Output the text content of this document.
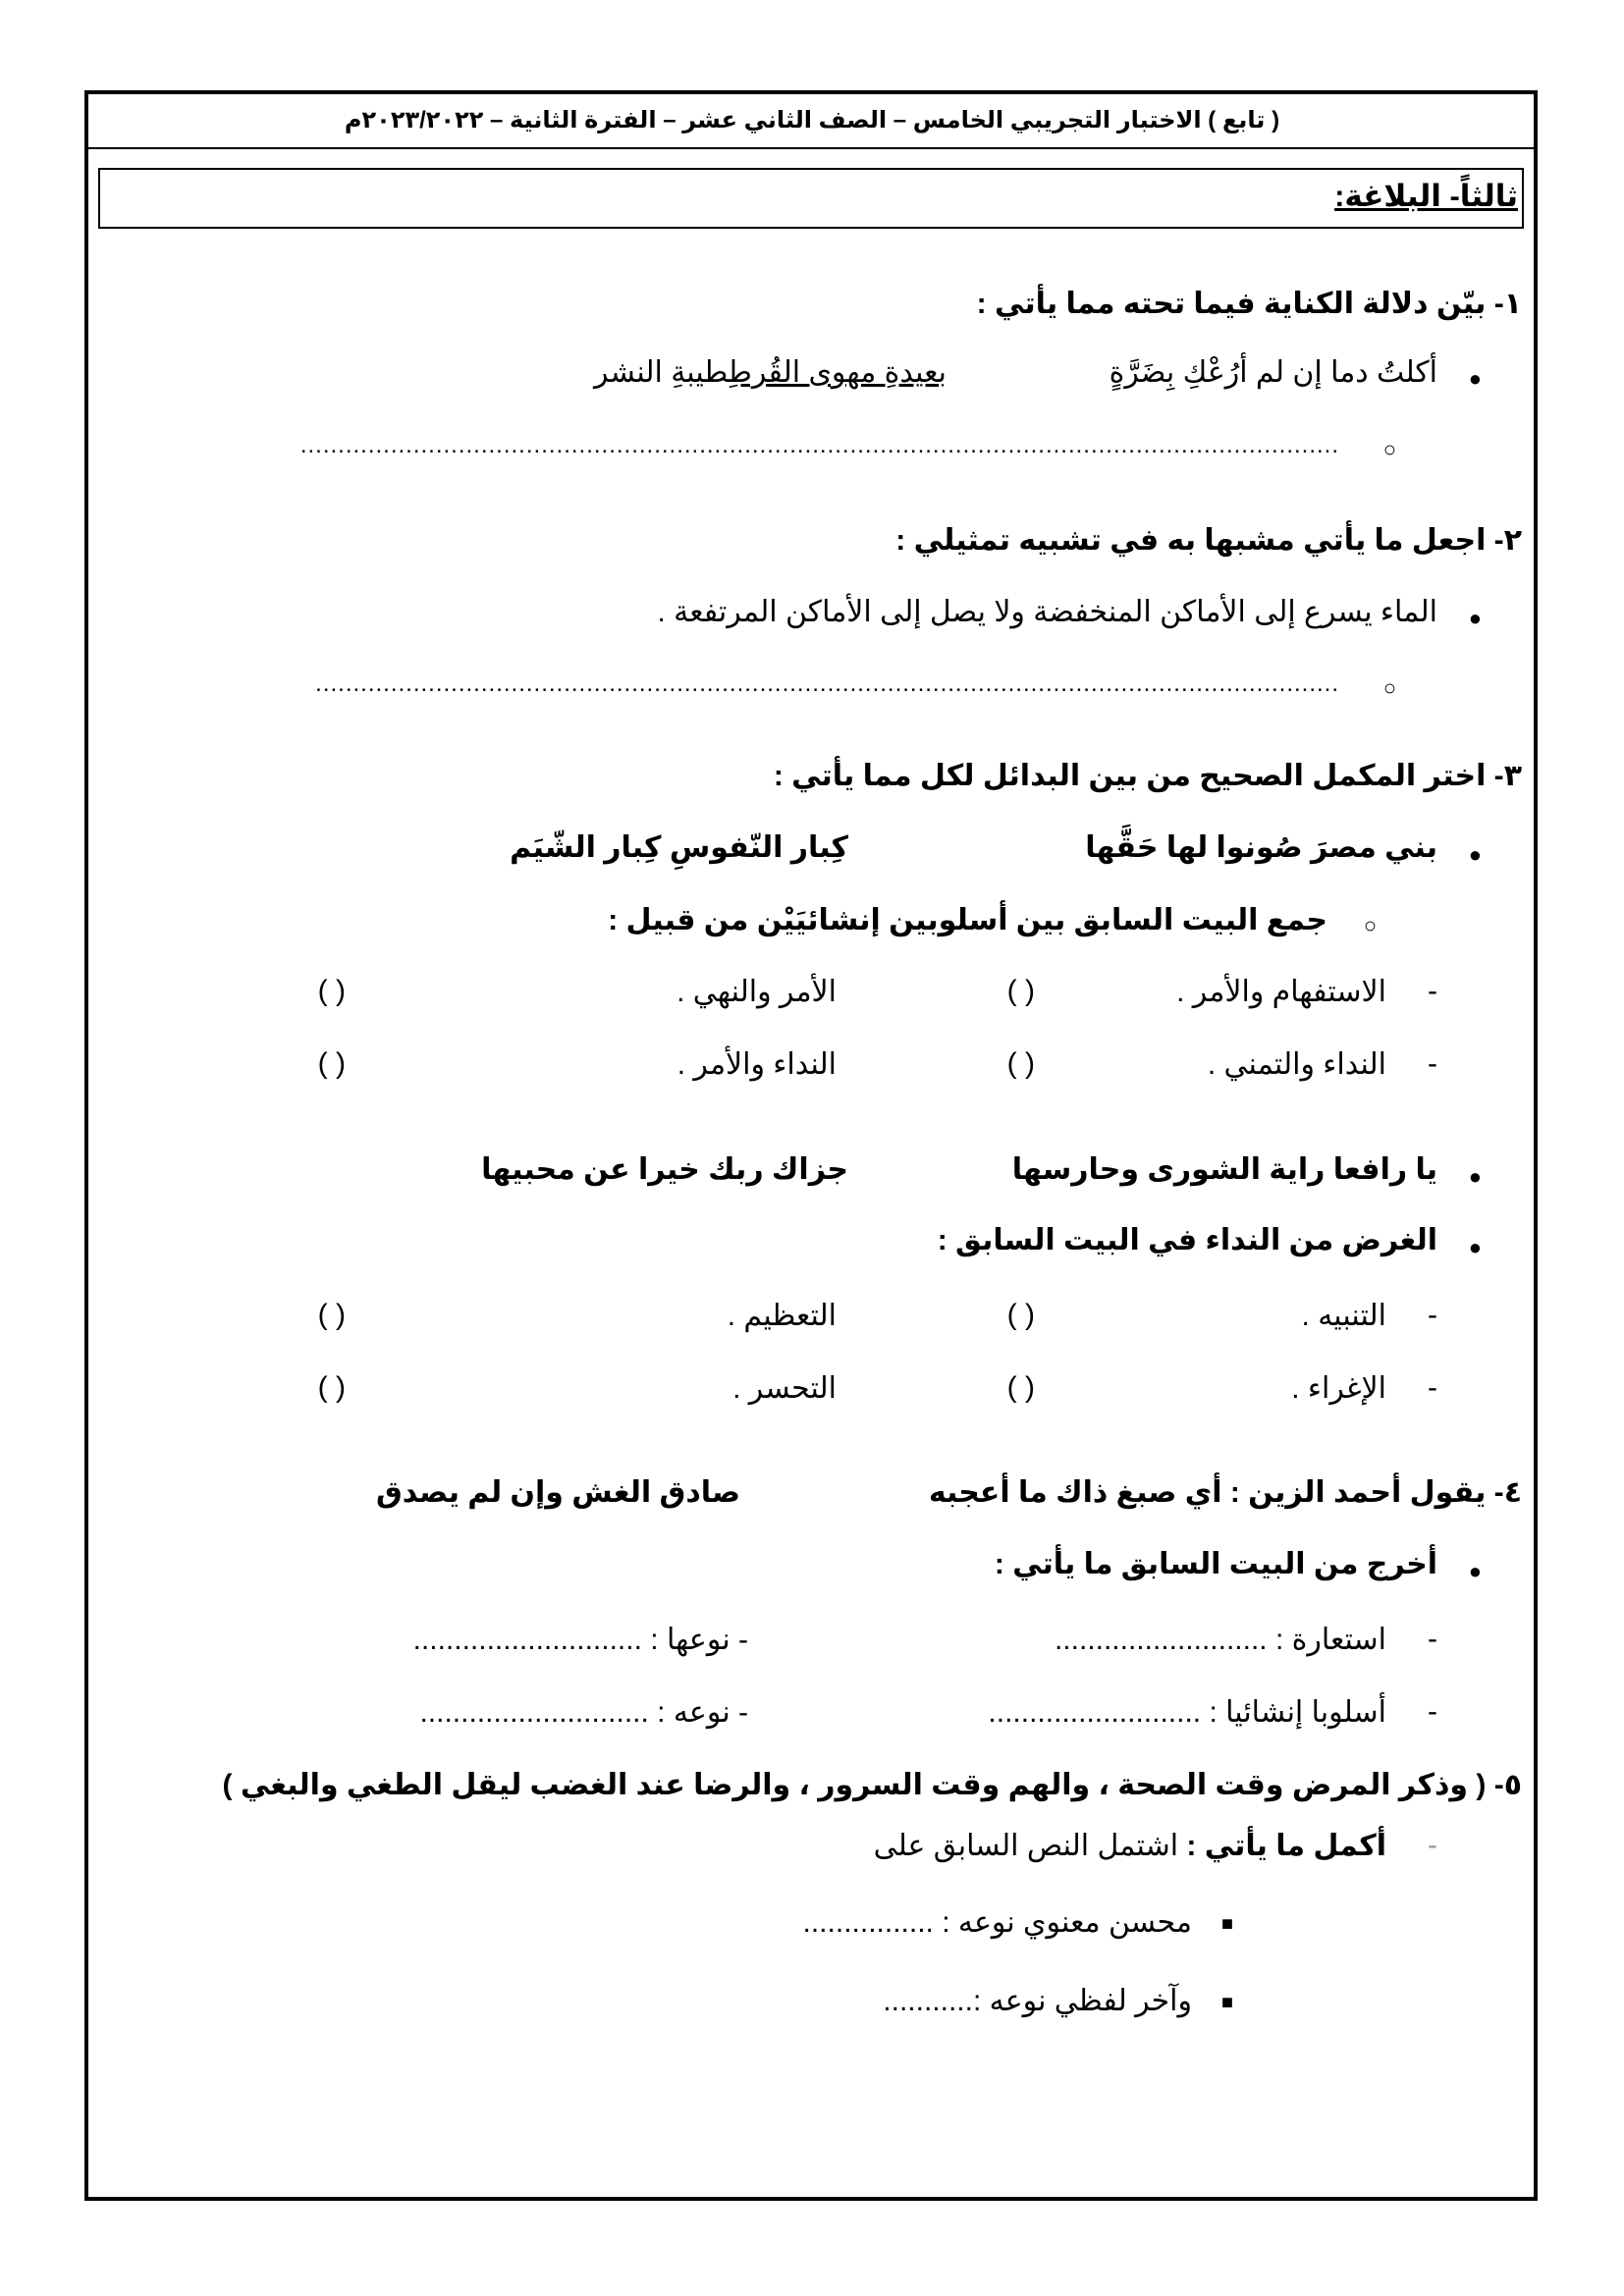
( تابع ) الاختبار التجريبي الخامس – الصف الثاني عشر – الفترة الثانية – ٢٠٢٣/٢٠٢٢م
ثالثاً- البلاغة:
١- بيّن دلالة الكناية فيما تحته مما يأتي :
●
أكلتُ دما إن لم أرُعْكِ بِضَرَّةٍ
بعيدةِ مهوى القُرطِطيبةِ النشر
○
..........................................................................................................................................
٢- اجعل ما يأتي مشبها به في تشبيه تمثيلي :
●
الماء يسرع إلى الأماكن المنخفضة ولا يصل إلى الأماكن المرتفعة .
○
........................................................................................................................................
٣- اختر المكمل الصحيح من بين البدائل لكل مما يأتي :
●
بني مصرَ صُونوا لها حَقَّها
كِبار النّفوسِ كِبار الشّيَم
○
جمع البيت السابق بين أسلوبين إنشائيَيْن من قبيل :
-
الاستفهام والأمر .
( )
الأمر والنهي .
( )
-
النداء والتمني .
( )
النداء والأمر .
( )
●
يا رافعا راية الشورى وحارسها
جزاك ربك خيرا عن محبيها
●
الغرض من النداء في البيت السابق :
-
التنبيه .
( )
التعظيم .
( )
-
الإغراء .
( )
التحسر .
( )
٤- يقول أحمد الزين : أي صبغ ذاك ما أعجبه
صادق الغش وإن لم يصدق
●
أخرج من البيت السابق ما يأتي :
-
استعارة : ..........................
- نوعها : ............................
-
أسلوبا إنشائيا : ..........................
- نوعه : ............................
٥- ( وذكر المرض وقت الصحة ، والهم وقت السرور ، والرضا عند الغضب ليقل الطغي والبغي )
-
أكمل ما يأتي : اشتمل النص السابق على
■
محسن معنوي نوعه : ................
■
وآخر لفظي نوعه :...........
